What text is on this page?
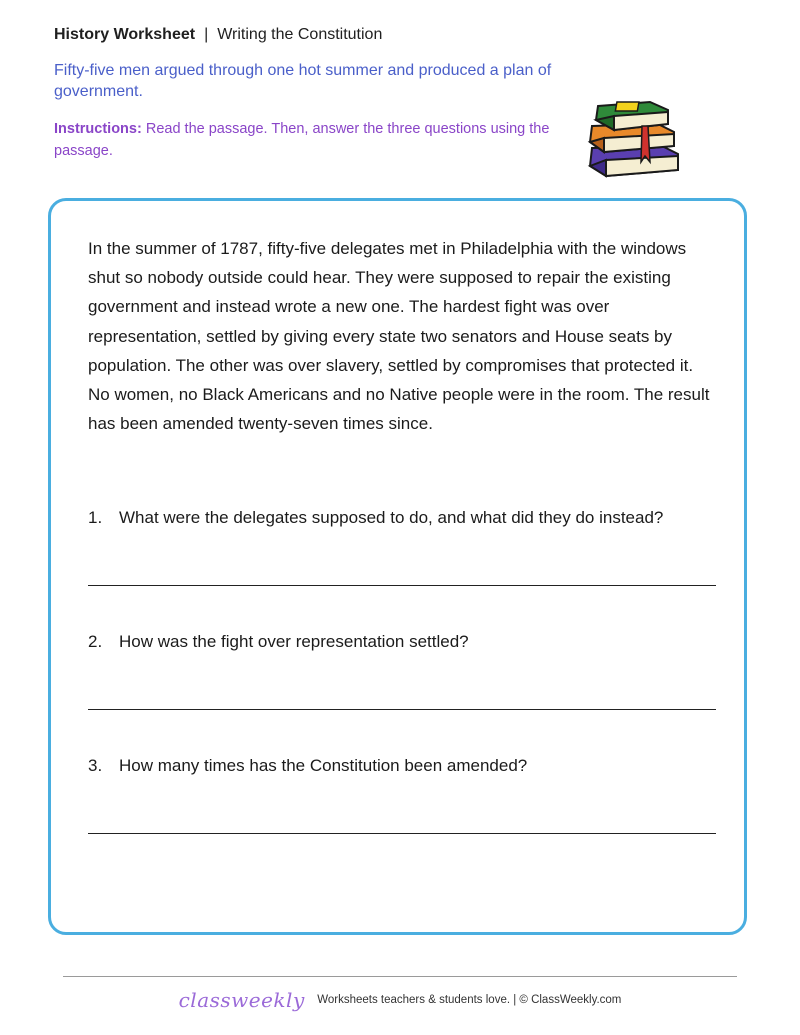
History Worksheet | Writing the Constitution
Fifty-five men argued through one hot summer and produced a plan of government.
Instructions: Read the passage. Then, answer the three questions using the passage.

In the summer of 1787, fifty-five delegates met in Philadelphia with the windows shut so nobody outside could hear. They were supposed to repair the existing government and instead wrote a new one. The hardest fight was over representation, settled by giving every state two senators and House seats by population. The other was over slavery, settled by compromises that protected it. No women, no Black Americans and no Native people were in the room. The result has been amended twenty-seven times since.

1. What were the delegates supposed to do, and what did they do instead?
2. How was the fight over representation settled?
3. How many times has the Constitution been amended?
classweekly Worksheets teachers & students love. | © ClassWeekly.com
